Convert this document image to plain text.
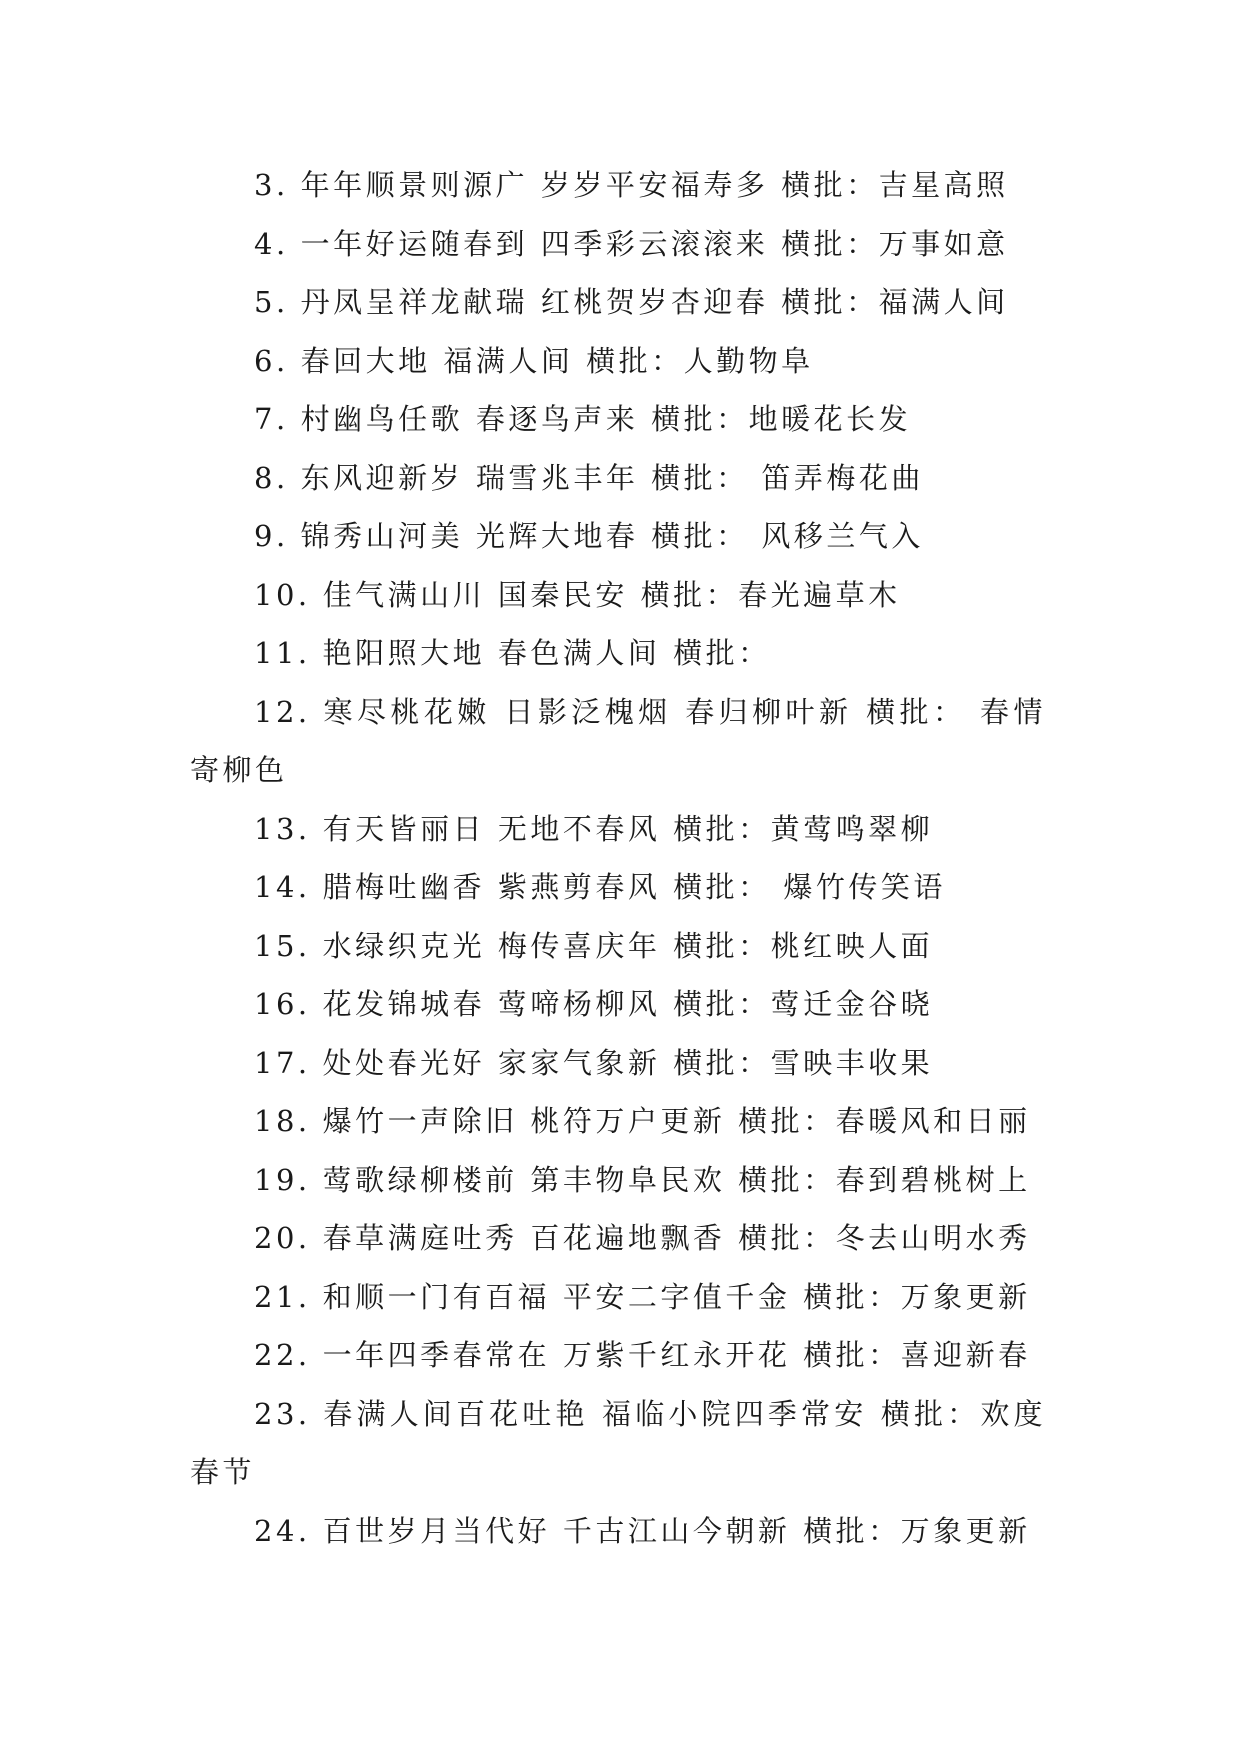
3. 年年顺景则源广 岁岁平安福寿多 横批：吉星高照
4. 一年好运随春到 四季彩云滚滚来 横批：万事如意
5. 丹凤呈祥龙献瑞 红桃贺岁杏迎春 横批：福满人间
6. 春回大地 福满人间 横批：人勤物阜
7. 村幽鸟任歌 春逐鸟声来 横批：地暖花长发
8. 东风迎新岁 瑞雪兆丰年 横批： 笛弄梅花曲
9. 锦秀山河美 光辉大地春 横批： 风移兰气入
10. 佳气满山川 国秦民安 横批：春光遍草木
11. 艳阳照大地 春色满人间 横批：
12. 寒尽桃花嫩 日影泛槐烟 春归柳叶新 横批： 春情寄柳色
13. 有天皆丽日 无地不春风 横批：黄莺鸣翠柳
14. 腊梅吐幽香 紫燕剪春风 横批： 爆竹传笑语
15. 水绿织克光 梅传喜庆年 横批：桃红映人面
16. 花发锦城春 莺啼杨柳风 横批：莺迁金谷晓
17. 处处春光好 家家气象新 横批：雪映丰收果
18. 爆竹一声除旧 桃符万户更新 横批：春暖风和日丽
19. 莺歌绿柳楼前 第丰物阜民欢 横批：春到碧桃树上
20. 春草满庭吐秀 百花遍地飘香 横批：冬去山明水秀
21. 和顺一门有百福 平安二字值千金 横批：万象更新
22. 一年四季春常在 万紫千红永开花 横批：喜迎新春
23. 春满人间百花吐艳 福临小院四季常安 横批：欢度春节
24. 百世岁月当代好 千古江山今朝新 横批：万象更新
